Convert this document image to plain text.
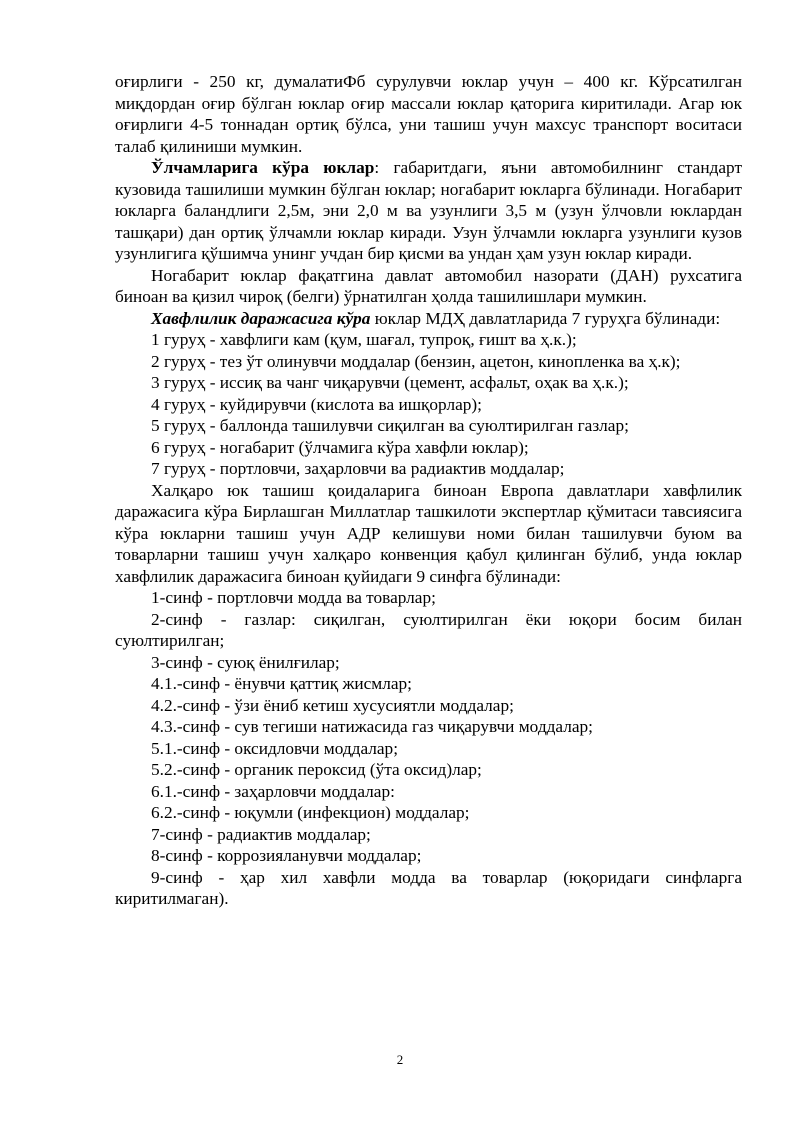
оғирлиги - 250 кг, думалатиФб сурулувчи юклар учун – 400 кг. Кўрсатилган миқдордан оғир бўлган юклар оғир массали юклар қаторига киритилади. Агар юк оғирлиги 4-5 тоннадан ортиқ бўлса, уни ташиш учун махсус транспорт воситаси талаб қилиниши мумкин.

Ўлчамларига кўра юклар: габаритдаги, яъни автомобилнинг стандарт кузовида ташилиши мумкин бўлган юклар; ногабарит юкларга бўлинади. Ногабарит юкларга баландлиги 2,5м, эни 2,0 м ва узунлиги 3,5 м (узун ўлчовли юклардан ташқари) дан ортиқ ўлчамли юклар киради. Узун ўлчамли юкларга узунлиги кузов узунлигига қўшимча унинг учдан бир қисми ва ундан ҳам узун юклар киради.

Ногабарит юклар фақатгина давлат автомобил назорати (ДАН) рухсатига биноан ва қизил чироқ (белги) ўрнатилган ҳолда ташилишлари мумкин.

Хавфлилик даражасига кўра юклар МДҲ давлатларида 7 гуруҳга бўлинади:

1 гуруҳ - хавфлиги кам (қум, шағал, тупроқ, ғишт ва ҳ.к.);

2 гуруҳ - тез ўт олинувчи моддалар (бензин, ацетон, кинопленка ва ҳ.к);

3 гуруҳ - иссиқ ва чанг чиқарувчи (цемент, асфальт, оҳак ва ҳ.к.);

4 гуруҳ - куйдирувчи (кислота ва ишқорлар);

5 гуруҳ - баллонда ташилувчи сиқилган ва суюлтирилган газлар;

6 гуруҳ - ногабарит (ўлчамига кўра хавфли юклар);

7 гуруҳ - портловчи, заҳарловчи ва радиактив моддалар;

Халқаро юк ташиш қоидаларига биноан Европа давлатлари хавфлилик даражасига кўра Бирлашган Миллатлар ташкилоти экспертлар қўмитаси тавсиясига кўра юкларни ташиш учун АДР келишуви номи билан ташилувчи буюм ва товарларни ташиш учун халқаро конвенция қабул қилинган бўлиб, унда юклар хавфлилик даражасига биноан қуйидаги 9 синфга бўлинади:

1-синф - портловчи модда ва товарлар;

2-синф - газлар: сиқилган, суюлтирилган ёки юқори босим билан суюлтирилган;

3-синф - суюқ ёнилғилар;

4.1.-синф - ёнувчи қаттиқ жисмлар;

4.2.-синф - ўзи ёниб кетиш хусусиятли моддалар;

4.3.-синф - сув тегиши натижасида газ чиқарувчи моддалар;

5.1.-синф - оксидловчи моддалар;

5.2.-синф - органик пероксид (ўта оксид)лар;

6.1.-синф - заҳарловчи моддалар:

6.2.-синф - юқумли (инфекцион) моддалар;

7-синф - радиактив моддалар;

8-синф - коррозияланувчи моддалар;

9-синф - ҳар хил хавфли модда ва товарлар (юқоридаги синфларга киритилмаган).

2
